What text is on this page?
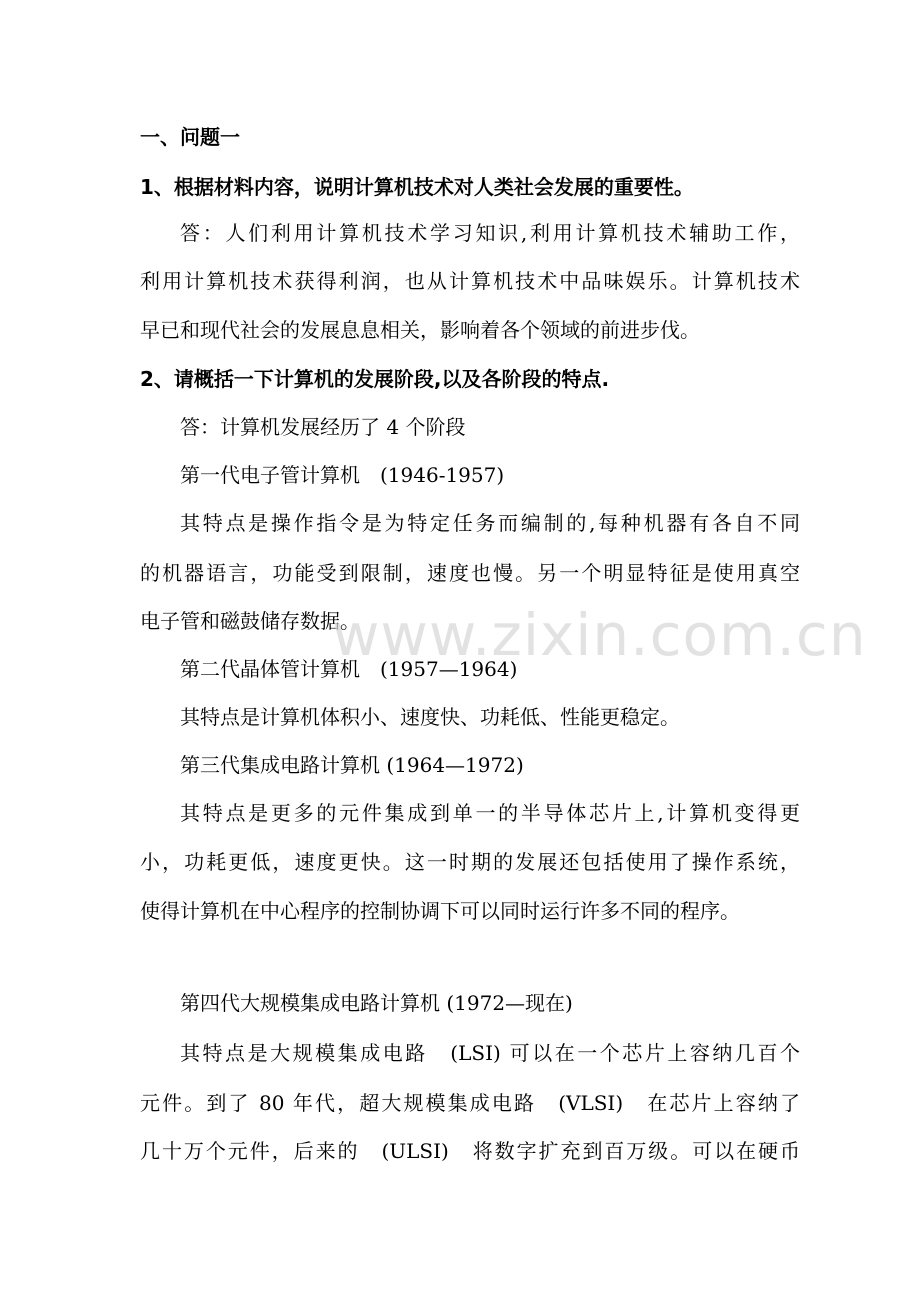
一、问题一
1、根据材料内容，说明计算机技术对人类社会发展的重要性。
答：人们利用计算机技术学习知识,利用计算机技术辅助工作，
利用计算机技术获得利润，也从计算机技术中品味娱乐。计算机技术
早已和现代社会的发展息息相关，影响着各个领域的前进步伐。
2、请概括一下计算机的发展阶段,以及各阶段的特点.
答：计算机发展经历了 4 个阶段
第一代电子管计算机　(1946-1957)
其特点是操作指令是为特定任务而编制的,每种机器有各自不同
的机器语言，功能受到限制，速度也慢。另一个明显特征是使用真空
电子管和磁鼓储存数据。
第二代晶体管计算机　(1957—1964)
其特点是计算机体积小、速度快、功耗低、性能更稳定。
第三代集成电路计算机 (1964—1972)
其特点是更多的元件集成到单一的半导体芯片上,计算机变得更
小，功耗更低，速度更快。这一时期的发展还包括使用了操作系统，
使得计算机在中心程序的控制协调下可以同时运行许多不同的程序。
第四代大规模集成电路计算机 (1972—现在)
其特点是大规模集成电路　(LSI) 可以在一个芯片上容纳几百个
元件。到了 80 年代，超大规模集成电路　(VLSI)　在芯片上容纳了
几十万个元件，后来的　(ULSI)　将数字扩充到百万级。可以在硬币
www.zixin.com.cn
